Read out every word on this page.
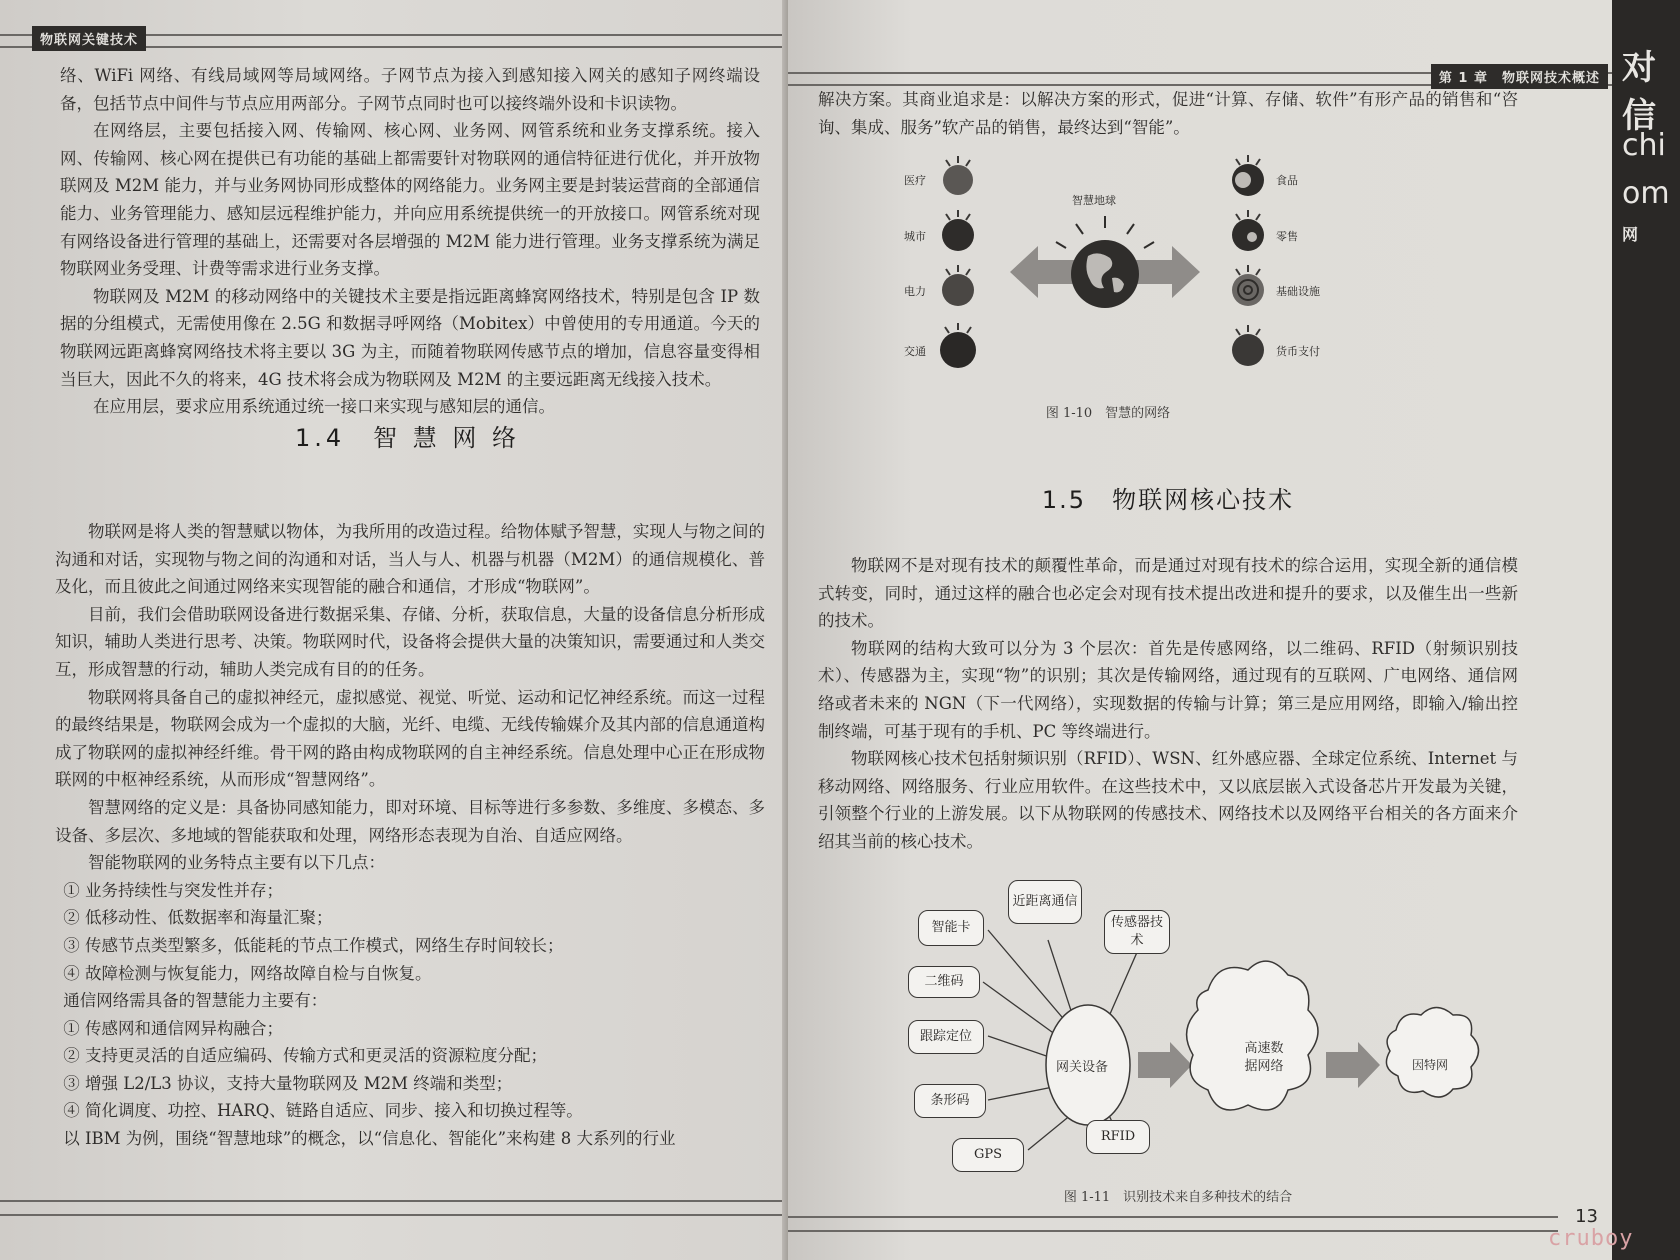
物联网关键技术

络、WiFi 网络、有线局域网等局域网络。子网节点为接入到感知接入网关的感知子网终端设备，包括节点中间件与节点应用两部分。子网节点同时也可以接终端外设和卡识读物。

在网络层，主要包括接入网、传输网、核心网、业务网、网管系统和业务支撑系统。接入网、传输网、核心网在提供已有功能的基础上都需要针对物联网的通信特征进行优化，并开放物联网及 M2M 能力，并与业务网协同形成整体的网络能力。业务网主要是封装运营商的全部通信能力、业务管理能力、感知层远程维护能力，并向应用系统提供统一的开放接口。网管系统对现有网络设备进行管理的基础上，还需要对各层增强的 M2M 能力进行管理。业务支撑系统为满足物联网业务受理、计费等需求进行业务支撑。

物联网及 M2M 的移动网络中的关键技术主要是指远距离蜂窝网络技术，特别是包含 IP 数据的分组模式，无需使用像在 2.5G 和数据寻呼网络（Mobitex）中曾使用的专用通道。今天的物联网远距离蜂窝网络技术将主要以 3G 为主，而随着物联网传感节点的增加，信息容量变得相当巨大，因此不久的将来，4G 技术将会成为物联网及 M2M 的主要远距离无线接入技术。

在应用层，要求应用系统通过统一接口来实现与感知层的通信。

1.4　智 慧 网 络

物联网是将人类的智慧赋以物体，为我所用的改造过程。给物体赋予智慧，实现人与物之间的沟通和对话，实现物与物之间的沟通和对话，当人与人、机器与机器（M2M）的通信规模化、普及化，而且彼此之间通过网络来实现智能的融合和通信，才形成“物联网”。

目前，我们会借助联网设备进行数据采集、存储、分析，获取信息，大量的设备信息分析形成知识，辅助人类进行思考、决策。物联网时代，设备将会提供大量的决策知识，需要通过和人类交互，形成智慧的行动，辅助人类完成有目的的任务。

物联网将具备自己的虚拟神经元，虚拟感觉、视觉、听觉、运动和记忆神经系统。而这一过程的最终结果是，物联网会成为一个虚拟的大脑，光纤、电缆、无线传输媒介及其内部的信息通道构成了物联网的虚拟神经纤维。骨干网的路由构成物联网的自主神经系统。信息处理中心正在形成物联网的中枢神经系统，从而形成“智慧网络”。

智慧网络的定义是：具备协同感知能力，即对环境、目标等进行多参数、多维度、多模态、多设备、多层次、多地域的智能获取和处理，网络形态表现为自治、自适应网络。

智能物联网的业务特点主要有以下几点：

① 业务持续性与突发性并存；

② 低移动性、低数据率和海量汇聚；

③ 传感节点类型繁多，低能耗的节点工作模式，网络生存时间较长；

④ 故障检测与恢复能力，网络故障自检与自恢复。

通信网络需具备的智慧能力主要有：

① 传感网和通信网异构融合；

② 支持更灵活的自适应编码、传输方式和更灵活的资源粒度分配；

③ 增强 L2/L3 协议，支持大量物联网及 M2M 终端和类型；

④ 简化调度、功控、HARQ、链路自适应、同步、接入和切换过程等。

以 IBM 为例，围绕“智慧地球”的概念，以“信息化、智能化”来构建 8 大系列的行业

第 1 章　物联网技术概述

解决方案。其商业追求是：以解决方案的形式，促进“计算、存储、软件”有形产品的销售和“咨询、集成、服务”软产品的销售，最终达到“智能”。

智慧地球
医疗
城市
电力
交通
食品
零售
基础设施
货币支付
图 1-10　智慧的网络
1.5　物联网核心技术

物联网不是对现有技术的颠覆性革命，而是通过对现有技术的综合运用，实现全新的通信模式转变，同时，通过这样的融合也必定会对现有技术提出改进和提升的要求，以及催生出一些新的技术。

物联网的结构大致可以分为 3 个层次：首先是传感网络，以二维码、RFID（射频识别技术）、传感器为主，实现“物”的识别；其次是传输网络，通过现有的互联网、广电网络、通信网络或者未来的 NGN（下一代网络），实现数据的传输与计算；第三是应用网络，即输入/输出控制终端，可基于现有的手机、PC 等终端进行。

物联网核心技术包括射频识别（RFID）、WSN、红外感应器、全球定位系统、Internet 与移动网络、网络服务、行业应用软件。在这些技术中，又以底层嵌入式设备芯片开发最为关键，引领整个行业的上游发展。以下从物联网的传感技术、网络技术以及网络平台相关的各方面来介绍其当前的核心技术。

网关设备
近距离通信
智能卡	传感器技术
二维码
跟踪定位
条形码
GPS
RFID
高速数据网络	因特网
图 1-11　识别技术来自多种技术的结合
13
对
信
chi
om
网
cruboy
